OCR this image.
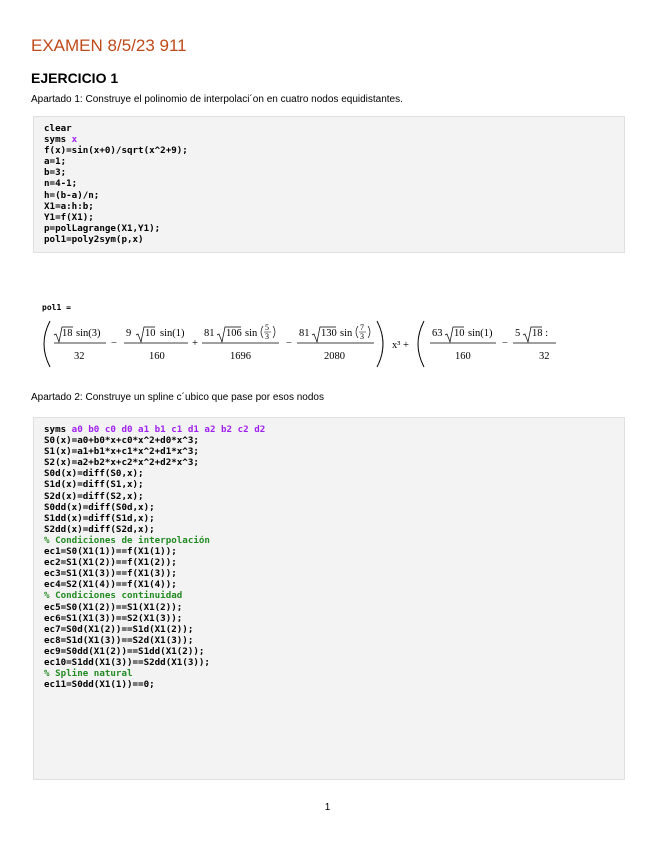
EXAMEN 8/5/23 911
EJERCICIO 1

Apartado 1: Construye el polinomio de interpolaci´on en cuatro nodos equidistantes.

clear
syms x
f(x)=sin(x+0)/sqrt(x^2+9);
a=1;
b=3;
n=4-1;
h=(b-a)/n;
X1=a:h:b;
Y1=f(X1);
p=polLagrange(X1,Y1);
pol1=poly2sym(p,x)
pol1 =
18 sin(3)
32
−
9 10 sin(1)
160
+
81 106 sin
5
3
1696
−
81 130 sin
7
3
2080
x³ +
63 10 sin(1)
160
−
5 18 :
32

Apartado 2: Construye un spline c´ubico que pase por esos nodos

syms a0 b0 c0 d0 a1 b1 c1 d1 a2 b2 c2 d2
S0(x)=a0+b0*x+c0*x^2+d0*x^3;
S1(x)=a1+b1*x+c1*x^2+d1*x^3;
S2(x)=a2+b2*x+c2*x^2+d2*x^3;
S0d(x)=diff(S0,x);
S1d(x)=diff(S1,x);
S2d(x)=diff(S2,x);
S0dd(x)=diff(S0d,x);
S1dd(x)=diff(S1d,x);
S2dd(x)=diff(S2d,x);
% Condiciones de interpolación
ec1=S0(X1(1))==f(X1(1));
ec2=S1(X1(2))==f(X1(2));
ec3=S1(X1(3))==f(X1(3));
ec4=S2(X1(4))==f(X1(4));
% Condiciones continuidad
ec5=S0(X1(2))==S1(X1(2));
ec6=S1(X1(3))==S2(X1(3));
ec7=S0d(X1(2))==S1d(X1(2));
ec8=S1d(X1(3))==S2d(X1(3));
ec9=S0dd(X1(2))==S1dd(X1(2));
ec10=S1dd(X1(3))==S2dd(X1(3));
% Spline natural
ec11=S0dd(X1(1))==0;
1
